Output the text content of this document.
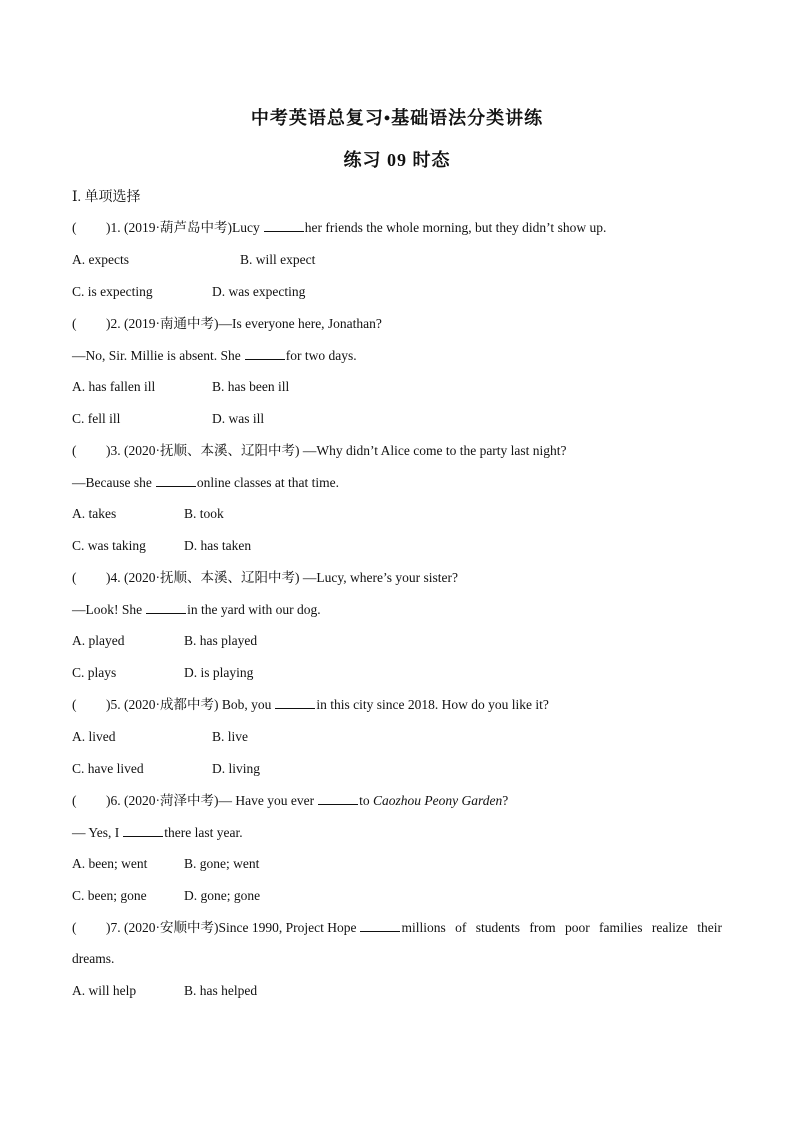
中考英语总复习•基础语法分类讲练
练习 09 时态
Ⅰ. 单项选择
( )1. (2019·葫芦岛中考)Lucy	her friends the whole morning, but they didn’t show up.
A. expects	B. will expect
C. is expecting	D. was expecting
( )2. (2019·南通中考)—Is everyone here, Jonathan?
—No, Sir. Millie is absent. She	for two days.
A. has fallen ill	B. has been ill
C. fell ill	D. was ill
( )3. (2020·抚顺、本溪、辽阳中考) —Why didn’t Alice come to the party last night?
—Because she	online classes at that time.
A. takes	B. took
C. was taking	D. has taken
( )4. (2020·抚顺、本溪、辽阳中考) —Lucy, where’s your sister?
—Look! She	in the yard with our dog.
A. played	B. has played
C. plays	D. is playing
( )5. (2020·成都中考) Bob, you	in this city since 2018. How do you like it?
A. lived	B. live
C. have lived	D. living
( )6. (2020·菏泽中考)— Have you ever	to Caozhou Peony Garden?
— Yes, I	there last year.
A. been; went	B. gone; went
C. been; gone	D. gone; gone
( )7. (2020·安顺中考)Since 1990, Project Hope	millions of students from poor families realize their
dreams.
A. will help	B. has helped
